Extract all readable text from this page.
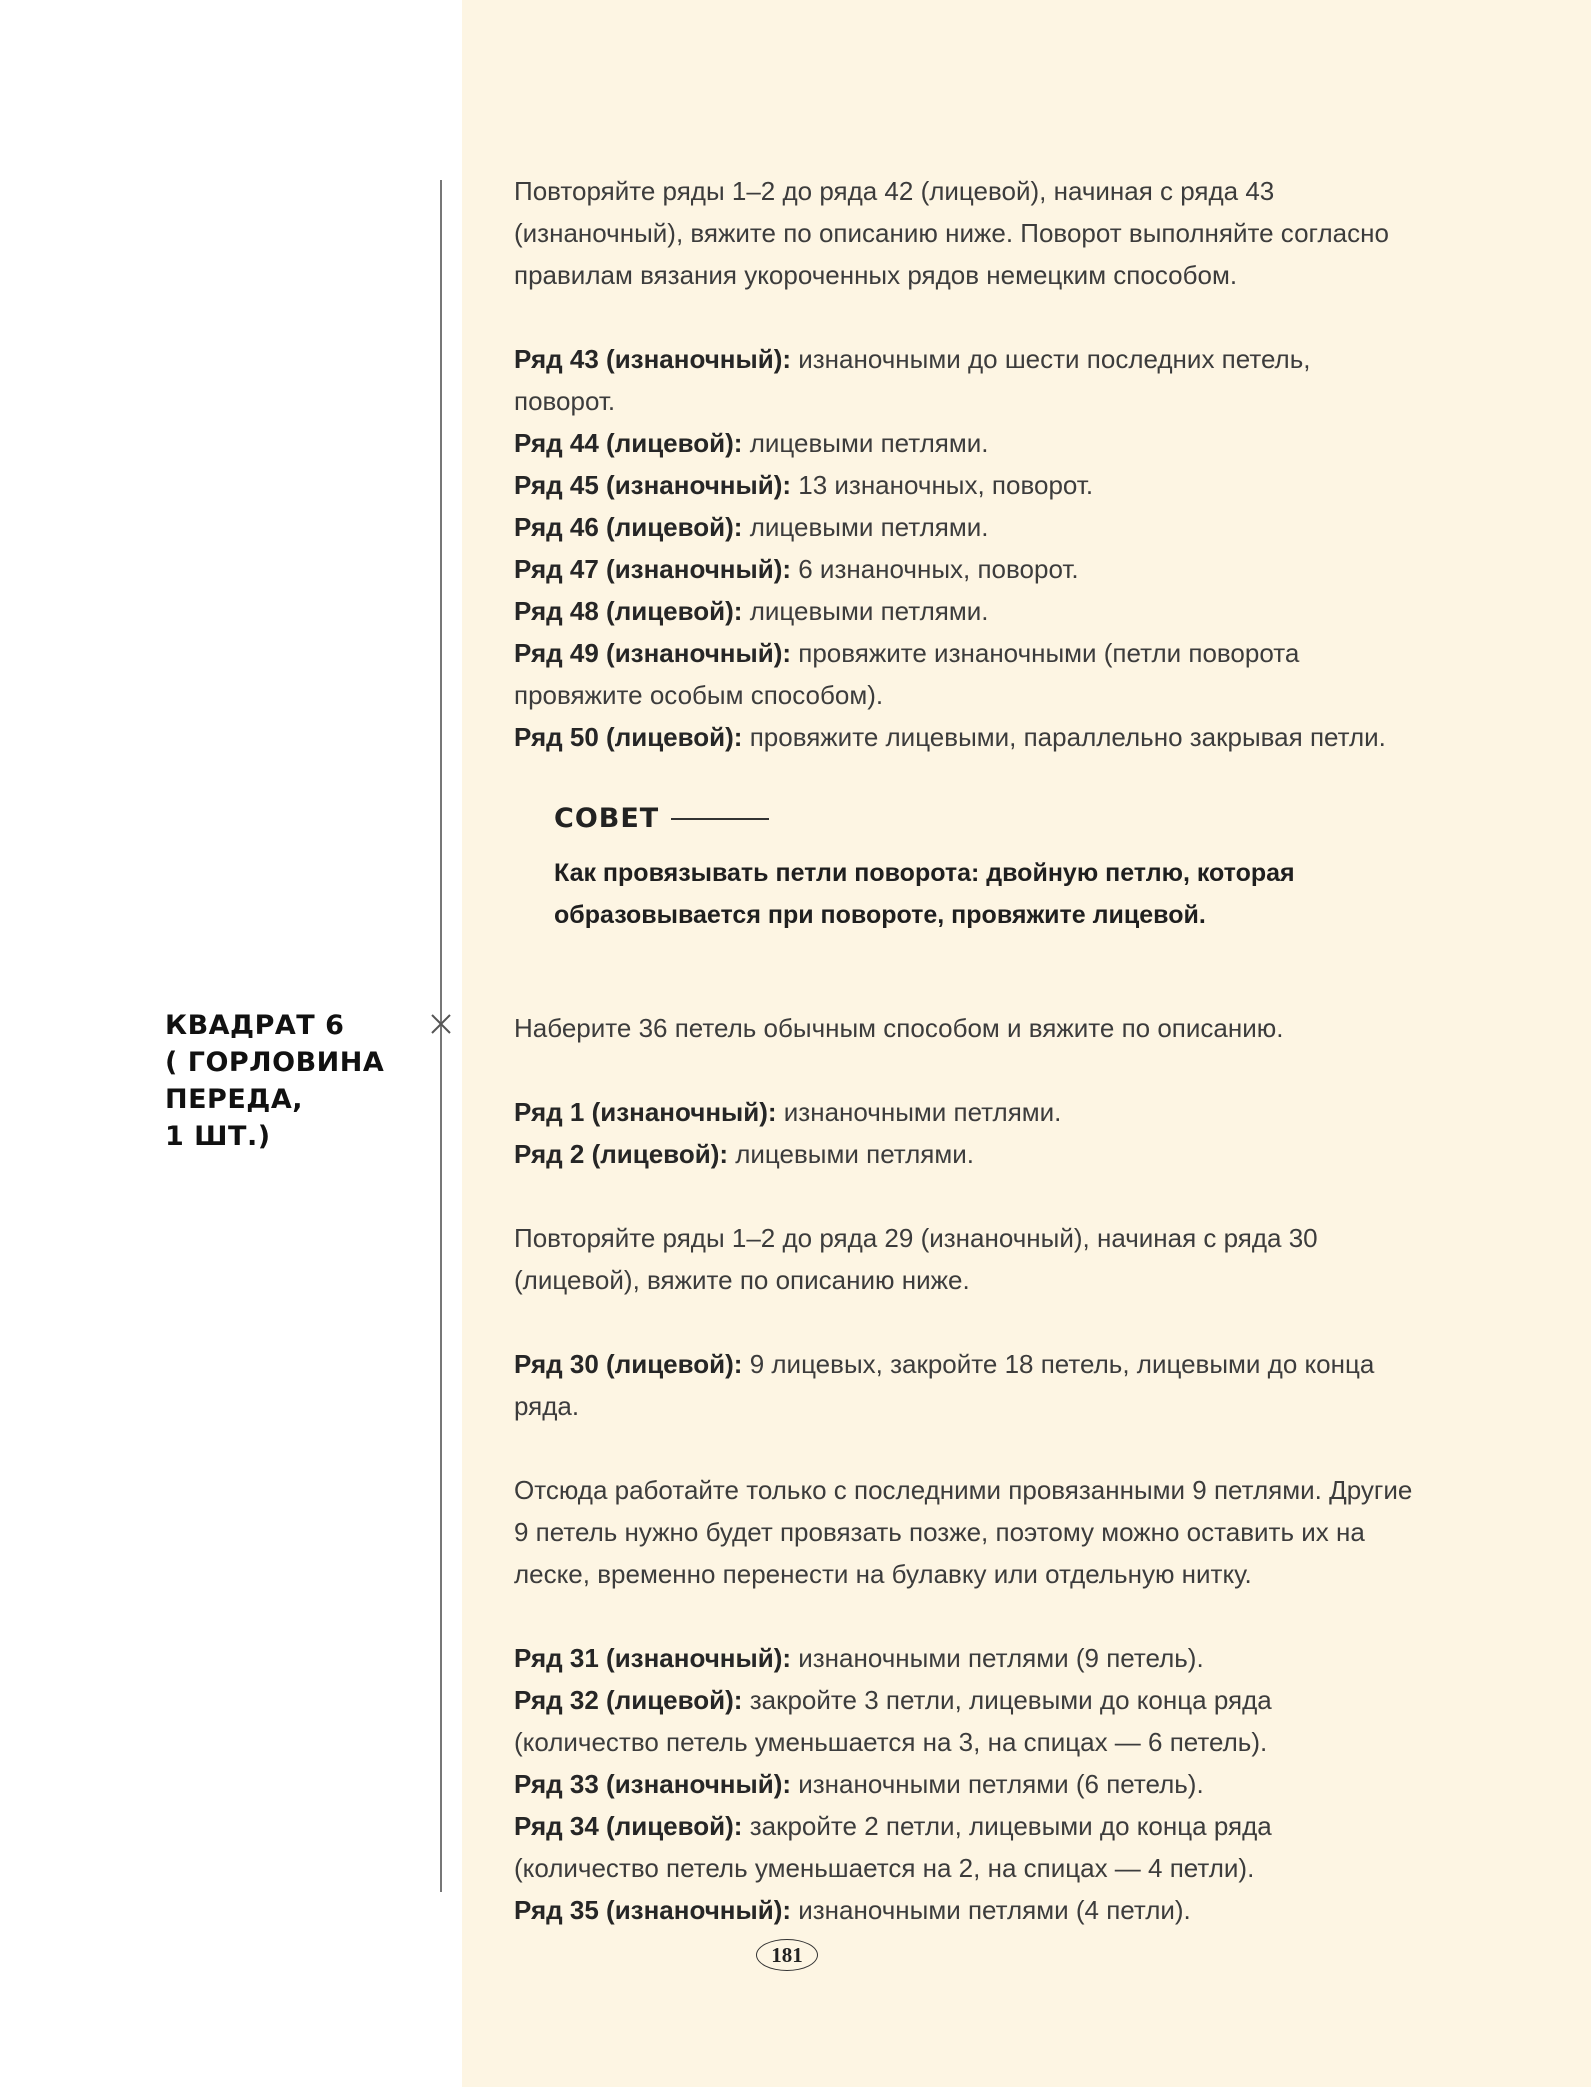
Повторяйте ряды 1–2 до ряда 42 (лицевой), начиная с ряда 43 (изнаночный), вяжите по описанию ниже. Поворот выполняйте согласно правилам вязания укороченных рядов немецким способом.

Ряд 43 (изнаночный): изнаночными до шести последних петель, поворот.

Ряд 44 (лицевой): лицевыми петлями.

Ряд 45 (изнаночный): 13 изнаночных, поворот.

Ряд 46 (лицевой): лицевыми петлями.

Ряд 47 (изнаночный): 6 изнаночных, поворот.

Ряд 48 (лицевой): лицевыми петлями.

Ряд 49 (изнаночный): провяжите изнаночными (петли поворота провяжите особым способом).

Ряд 50 (лицевой): провяжите лицевыми, параллельно закрывая петли.

СОВЕТ

Как провязывать петли поворота: двойную петлю, которая образовывается при повороте, провяжите лицевой.

КВАДРАТ 6
( ГОРЛОВИНА
ПЕРЕДА,
1 ШТ.)

Наберите 36 петель обычным способом и вяжите по описанию.

Ряд 1 (изнаночный): изнаночными петлями.

Ряд 2 (лицевой): лицевыми петлями.

Повторяйте ряды 1–2 до ряда 29 (изнаночный), начиная с ряда 30 (лицевой), вяжите по описанию ниже.

Ряд 30 (лицевой): 9 лицевых, закройте 18 петель, лицевыми до конца ряда.

Отсюда работайте только с последними провязанными 9 петлями. Другие 9 петель нужно будет провязать позже, поэтому можно оставить их на леске, временно перенести на булавку или отдельную нитку.

Ряд 31 (изнаночный): изнаночными петлями (9 петель).

Ряд 32 (лицевой): закройте 3 петли, лицевыми до конца ряда (количество петель уменьшается на 3, на спицах — 6 петель).

Ряд 33 (изнаночный): изнаночными петлями (6 петель).

Ряд 34 (лицевой): закройте 2 петли, лицевыми до конца ряда (количество петель уменьшается на 2, на спицах — 4 петли).

Ряд 35 (изнаночный): изнаночными петлями (4 петли).

181
